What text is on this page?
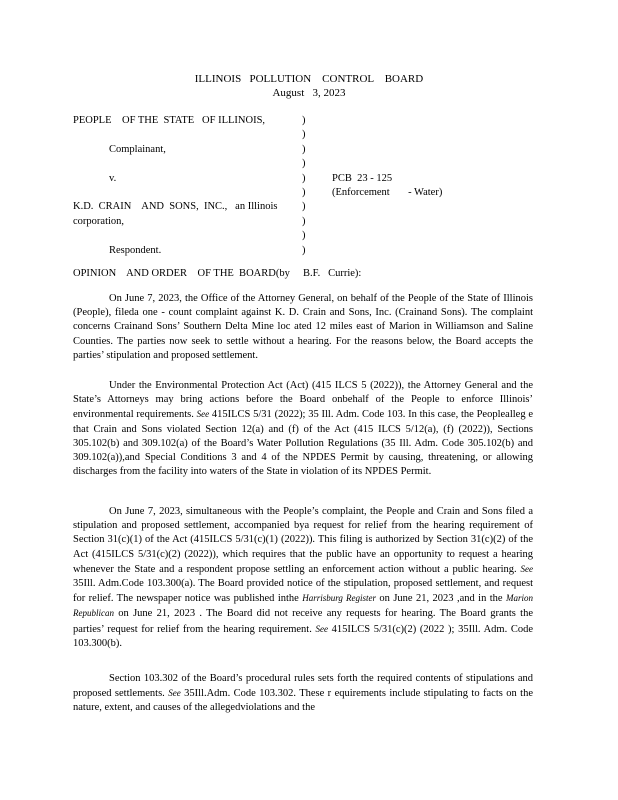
ILLINOIS   POLLUTION    CONTROL    BOARD
August   3, 2023
PEOPLE    OF THE  STATE   OF ILLINOIS,
Complainant,
v.
K.D.  CRAIN    AND  SONS,  INC.,   an Illinois corporation,
Respondent.
)
)
)
)
)
)
)
)
)
)
PCB  23 - 125
(Enforcement       - Water)
OPINION    AND ORDER    OF THE  BOARD(by     B.F.   Currie):

On June 7, 2023, the Office of the Attorney General, on behalf of the People of the State of Illinois (People), fileda one - count complaint against K. D. Crain and Sons, Inc. (Crainand Sons). The complaint concerns Crainand Sons’ Southern Delta Mine loc ated 12 miles east of Marion in Williamson and Saline Counties. The parties now seek to settle without a hearing. For the reasons below, the Board accepts the parties’ stipulation and proposed settlement.

Under the Environmental Protection Act (Act) (415 ILCS 5 (2022)), the Attorney General and the State’s Attorneys may bring actions before the Board onbehalf of the People to enforce Illinois’ environmental requirements. See 415ILCS 5/31 (2022); 35 Ill. Adm. Code 103. In this case, the Peoplealleg e that Crain and Sons violated Section 12(a) and (f) of the Act (415 ILCS 5/12(a), (f) (2022)), Sections 305.102(b) and 309.102(a) of the Board’s Water Pollution Regulations (35 Ill. Adm. Code 305.102(b) and 309.102(a)),and Special Conditions 3 and 4 of the NPDES Permit by causing, threatening, or allowing discharges from the facility into waters of the State in violation of its NPDES Permit.

On June 7, 2023, simultaneous with the People’s complaint, the People and Crain and Sons filed a stipulation and proposed settlement, accompanied bya request for relief from the hearing requirement of Section 31(c)(1) of the Act (415ILCS 5/31(c)(1) (2022)). This filing is authorized by Section 31(c)(2) of the Act (415ILCS 5/31(c)(2) (2022)), which requires that the public have an opportunity to request a hearing whenever the State and a respondent propose settling an enforcement action without a public hearing. See 35Ill. Adm.Code 103.300(a). The Board provided notice of the stipulation, proposed settlement, and request for relief. The newspaper notice was published inthe Harrisburg Register on June 21, 2023 ,and in the Marion Republican on June 21, 2023 . The Board did not receive any requests for hearing. The Board grants the parties’ request for relief from the hearing requirement. See 415ILCS 5/31(c)(2) (2022 ); 35Ill. Adm. Code 103.300(b).

Section 103.302 of the Board’s procedural rules sets forth the required contents of stipulations and proposed settlements. See 35Ill.Adm. Code 103.302. These r equirements include stipulating to facts on the nature, extent, and causes of the allegedviolations and the
